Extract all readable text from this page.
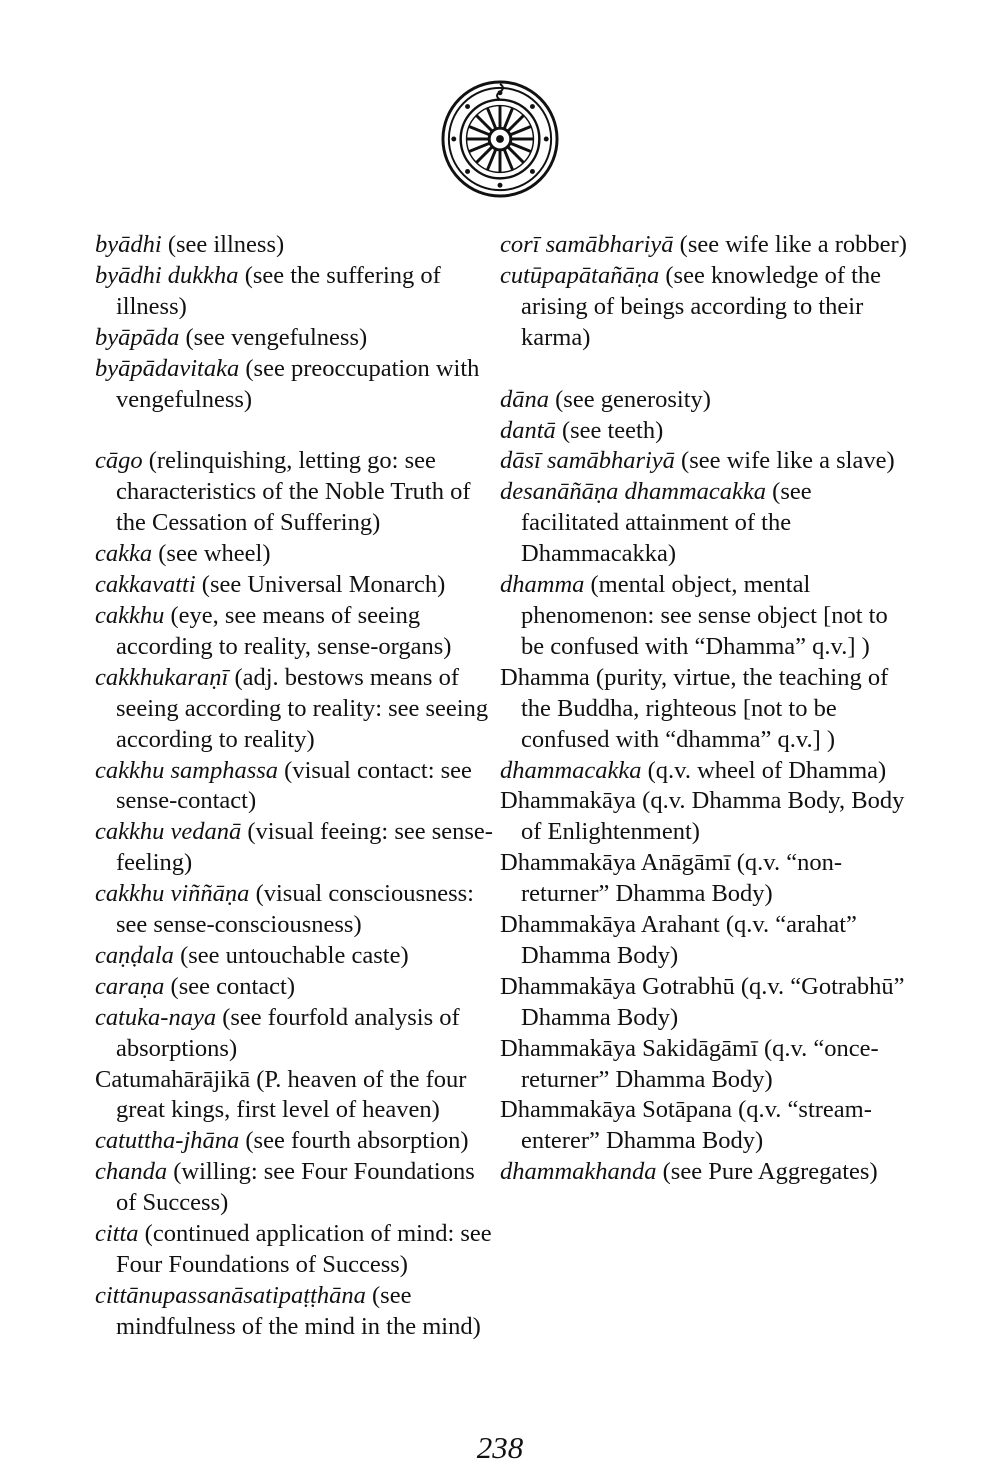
byādhi (see illness)

byādhi dukkha (see the suffering of illness)

byāpāda (see vengefulness)

byāpādavitaka (see preoccupation with vengefulness)

cāgo (relinquishing, letting go: see characteristics of the Noble Truth of the Cessation of Suffering)

cakka (see wheel)

cakkavatti (see Universal Monarch)

cakkhu (eye, see means of seeing according to reality, sense-organs)

cakkhukaraṇī (adj. bestows means of seeing according to reality: see seeing according to reality)

cakkhu samphassa (visual contact: see sense-contact)

cakkhu vedanā (visual feeing: see sense-feeling)

cakkhu viññāṇa (visual consciousness: see sense-consciousness)

caṇḍala (see untouchable caste)

caraṇa (see contact)

catuka-naya (see fourfold analysis of absorptions)

Catumahārājikā (P. heaven of the four great kings, first level of heaven)

catuttha-jhāna (see fourth absorption)

chanda (willing: see Four Foundations of Success)

citta (continued application of mind: see Four Foundations of Success)

cittānupassanāsatipaṭṭhāna (see mindfulness of the mind in the mind)

corī samābhariyā (see wife like a robber)

cutūpapātañāṇa (see knowledge of the arising of beings according to their karma)

dāna (see generosity)

dantā (see teeth)

dāsī samābhariyā (see wife like a slave)

desanāñāṇa dhammacakka (see facilitated attainment of the Dhammacakka)

dhamma (mental object, mental phenomenon: see sense object [not to be confused with “Dhamma” q.v.] )

Dhamma (purity, virtue, the teaching of the Buddha, righteous [not to be confused with “dhamma” q.v.] )

dhammacakka (q.v. wheel of Dhamma)

Dhammakāya (q.v. Dhamma Body, Body of Enlightenment)

Dhammakāya Anāgāmī (q.v. “non-returner” Dhamma Body)

Dhammakāya Arahant (q.v. “arahat” Dhamma Body)

Dhammakāya Gotrabhū (q.v. “Gotrabhū” Dhamma Body)

Dhammakāya Sakidāgāmī (q.v. “once-returner” Dhamma Body)

Dhammakāya Sotāpana (q.v. “stream-enterer” Dhamma Body)

dhammakhanda (see Pure Aggregates)

238
